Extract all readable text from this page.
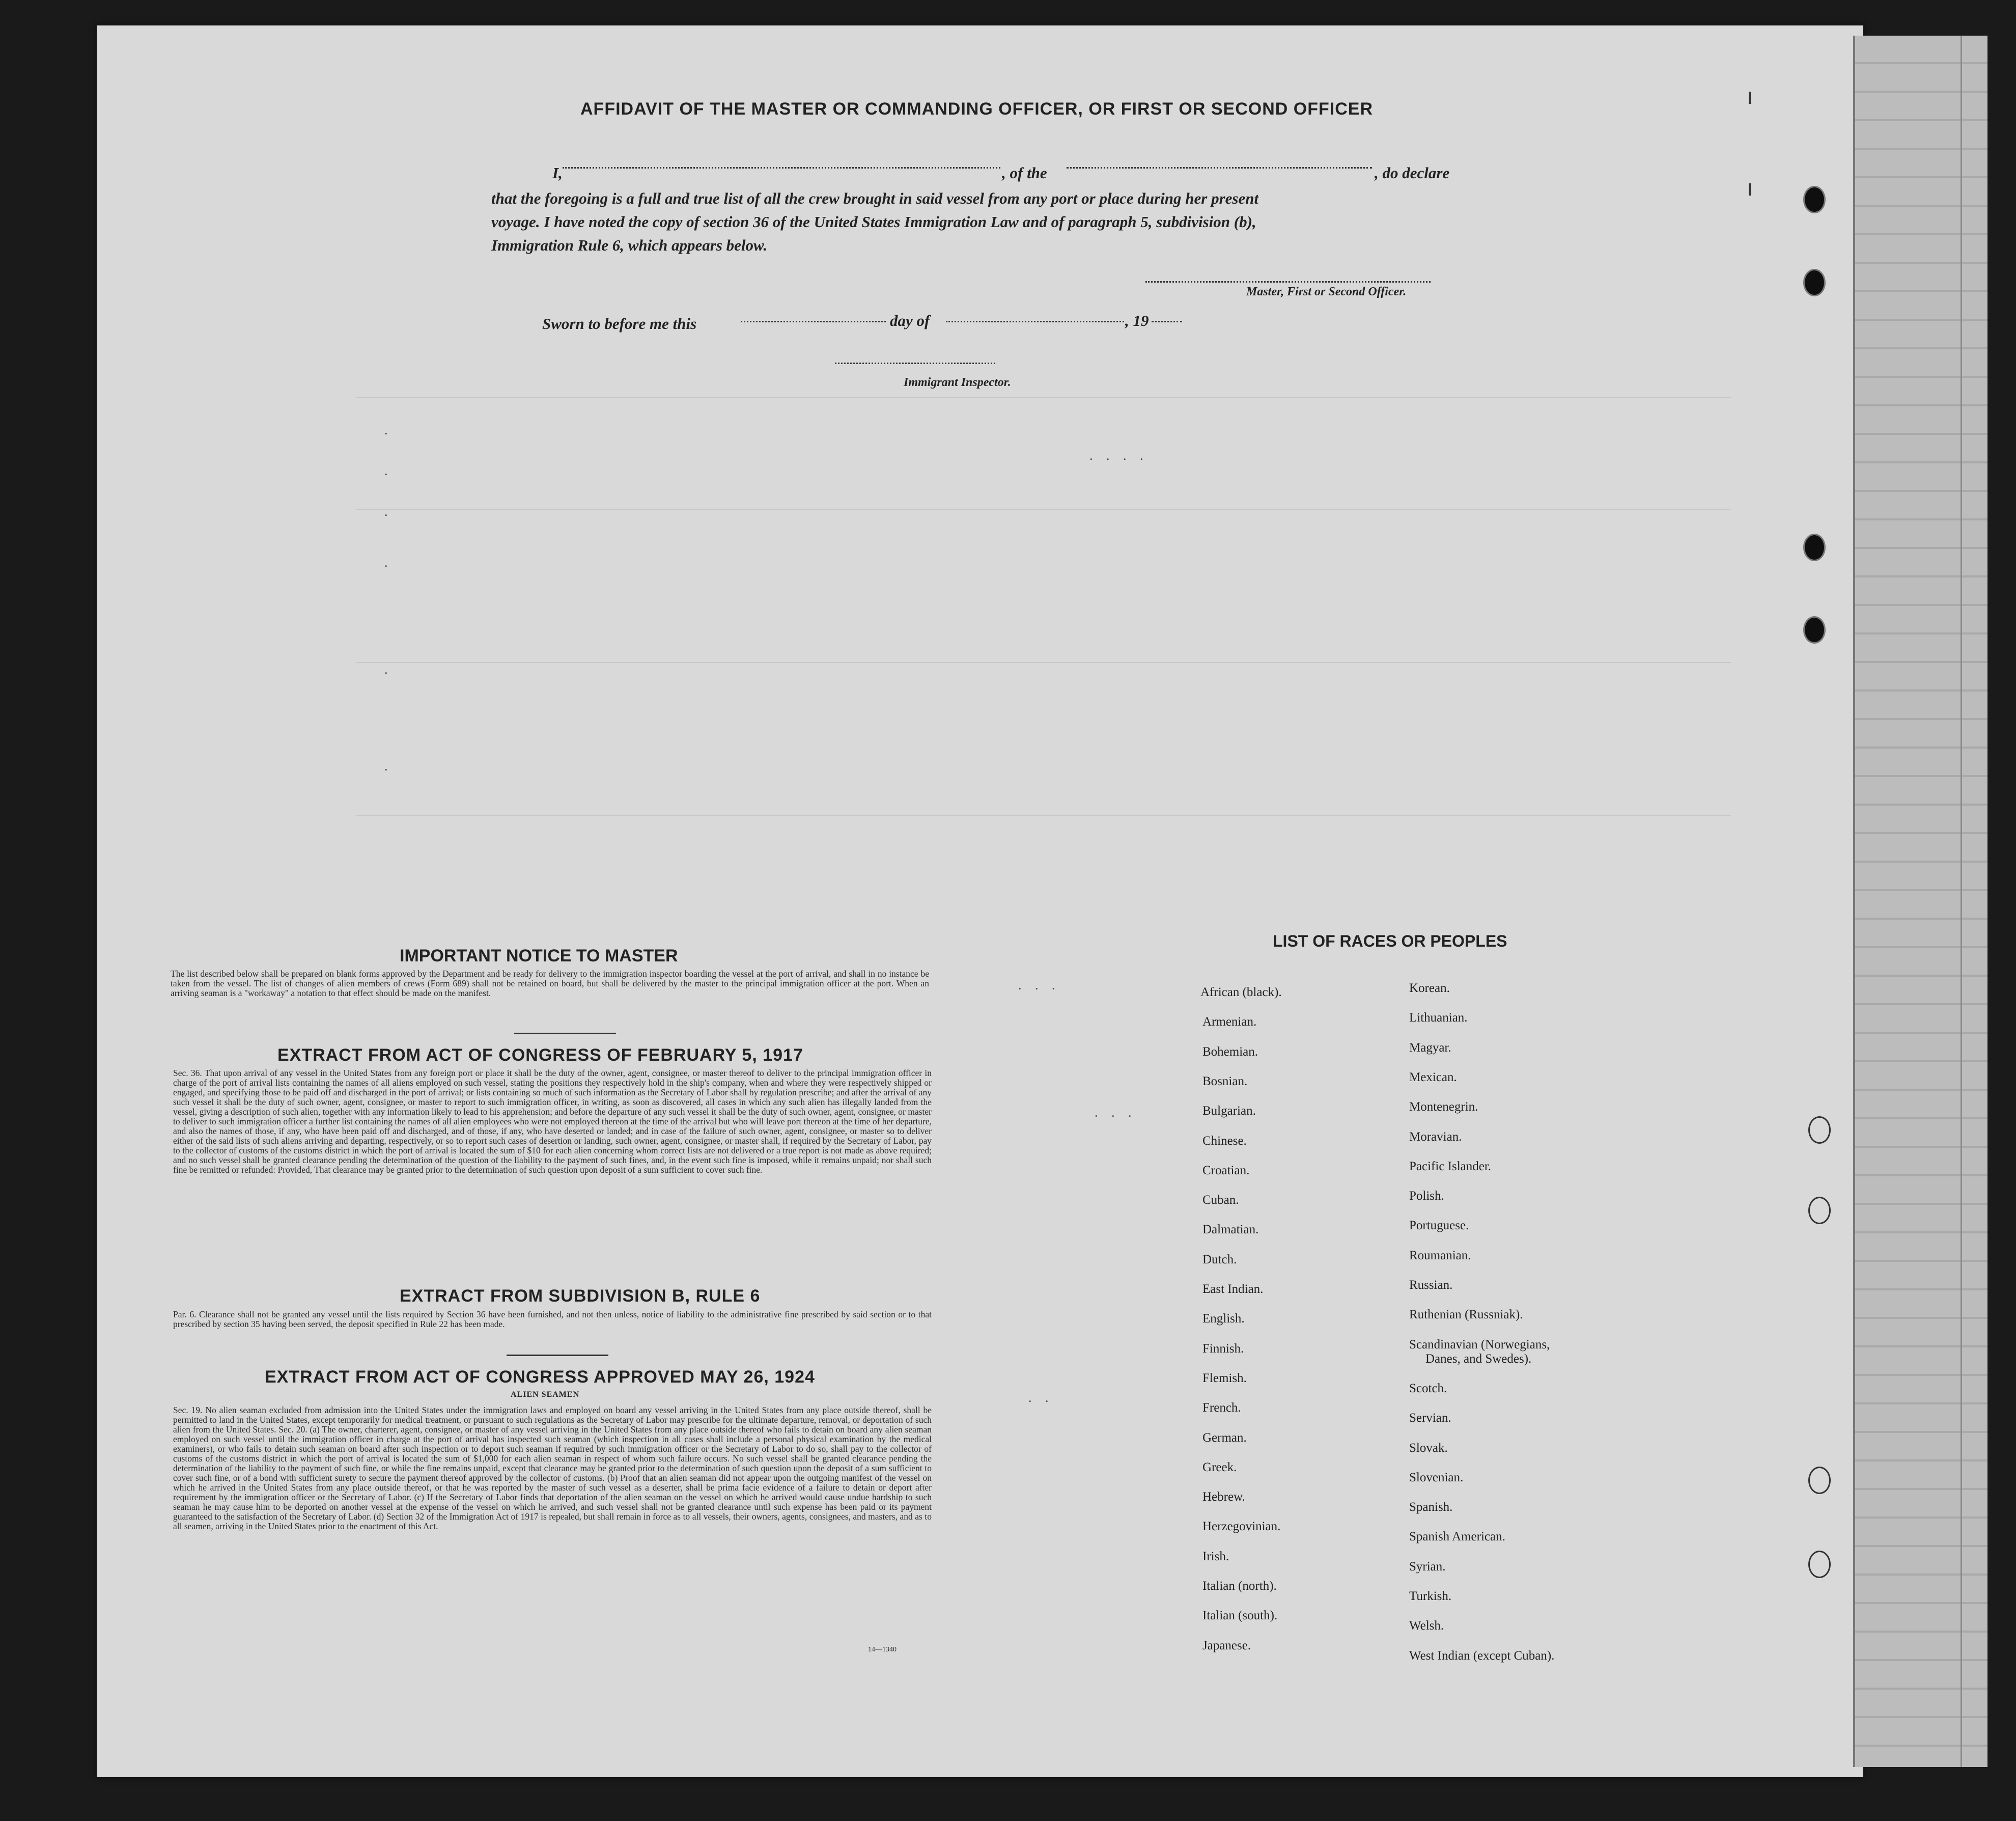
AFFIDAVIT OF THE MASTER OR COMMANDING OFFICER, OR FIRST OR SECOND OFFICER
I,	, of the	, do declare
that the foregoing is a full and true list of all the crew brought in said vessel from any port or place during her present
voyage. I have noted the copy of section 36 of the United States Immigration Law and of paragraph 5, subdivision (b),
Immigration Rule 6, which appears below.
Master, First or Second Officer.
Sworn to before me this	day of	, 19
Immigrant Inspector.
.
.
.
. . . .
.
.
.
. . .
. . .
. .
IMPORTANT NOTICE TO MASTER
The list described below shall be prepared on blank forms approved by the Department and be ready for delivery to the immigration inspector boarding the vessel at the port of arrival, and shall in no instance be taken from the vessel. The list of changes of alien members of crews (Form 689) shall not be retained on board, but shall be delivered by the master to the principal immigration officer at the port. When an arriving seaman is a "workaway" a notation to that effect should be made on the manifest.
EXTRACT FROM ACT OF CONGRESS OF FEBRUARY 5, 1917
Sec. 36. That upon arrival of any vessel in the United States from any foreign port or place it shall be the duty of the owner, agent, consignee, or master thereof to deliver to the principal immigration officer in charge of the port of arrival lists containing the names of all aliens employed on such vessel, stating the positions they respectively hold in the ship's company, when and where they were respectively shipped or engaged, and specifying those to be paid off and discharged in the port of arrival; or lists containing so much of such information as the Secretary of Labor shall by regulation prescribe; and after the arrival of any such vessel it shall be the duty of such owner, agent, consignee, or master to report to such immigration officer, in writing, as soon as discovered, all cases in which any such alien has illegally landed from the vessel, giving a description of such alien, together with any information likely to lead to his apprehension; and before the departure of any such vessel it shall be the duty of such owner, agent, consignee, or master to deliver to such immigration officer a further list containing the names of all alien employees who were not employed thereon at the time of the arrival but who will leave port thereon at the time of her departure, and also the names of those, if any, who have been paid off and discharged, and of those, if any, who have deserted or landed; and in case of the failure of such owner, agent, consignee, or master so to deliver either of the said lists of such aliens arriving and departing, respectively, or so to report such cases of desertion or landing, such owner, agent, consignee, or master shall, if required by the Secretary of Labor, pay to the collector of customs of the customs district in which the port of arrival is located the sum of $10 for each alien concerning whom correct lists are not delivered or a true report is not made as above required; and no such vessel shall be granted clearance pending the determination of the question of the liability to the payment of such fines, and, in the event such fine is imposed, while it remains unpaid; nor shall such fine be remitted or refunded: Provided, That clearance may be granted prior to the determination of such question upon deposit of a sum sufficient to cover such fine.
EXTRACT FROM SUBDIVISION B, RULE 6
Par. 6. Clearance shall not be granted any vessel until the lists required by Section 36 have been furnished, and not then unless, notice of liability to the administrative fine prescribed by said section or to that prescribed by section 35 having been served, the deposit specified in Rule 22 has been made.
EXTRACT FROM ACT OF CONGRESS APPROVED MAY 26, 1924
ALIEN SEAMEN
Sec. 19. No alien seaman excluded from admission into the United States under the immigration laws and employed on board any vessel arriving in the United States from any place outside thereof, shall be permitted to land in the United States, except temporarily for medical treatment, or pursuant to such regulations as the Secretary of Labor may prescribe for the ultimate departure, removal, or deportation of such alien from the United States. Sec. 20. (a) The owner, charterer, agent, consignee, or master of any vessel arriving in the United States from any place outside thereof who fails to detain on board any alien seaman employed on such vessel until the immigration officer in charge at the port of arrival has inspected such seaman (which inspection in all cases shall include a personal physical examination by the medical examiners), or who fails to detain such seaman on board after such inspection or to deport such seaman if required by such immigration officer or the Secretary of Labor to do so, shall pay to the collector of customs of the customs district in which the port of arrival is located the sum of $1,000 for each alien seaman in respect of whom such failure occurs. No such vessel shall be granted clearance pending the determination of the liability to the payment of such fine, or while the fine remains unpaid, except that clearance may be granted prior to the determination of such question upon the deposit of a sum sufficient to cover such fine, or of a bond with sufficient surety to secure the payment thereof approved by the collector of customs. (b) Proof that an alien seaman did not appear upon the outgoing manifest of the vessel on which he arrived in the United States from any place outside thereof, or that he was reported by the master of such vessel as a deserter, shall be prima facie evidence of a failure to detain or deport after requirement by the immigration officer or the Secretary of Labor. (c) If the Secretary of Labor finds that deportation of the alien seaman on the vessel on which he arrived would cause undue hardship to such seaman he may cause him to be deported on another vessel at the expense of the vessel on which he arrived, and such vessel shall not be granted clearance until such expense has been paid or its payment guaranteed to the satisfaction of the Secretary of Labor. (d) Section 32 of the Immigration Act of 1917 is repealed, but shall remain in force as to all vessels, their owners, agents, consignees, and masters, and as to all seamen, arriving in the United States prior to the enactment of this Act.
14—1340
LIST OF RACES OR PEOPLES
African (black).
Armenian.
Bohemian.
Bosnian.
Bulgarian.
Chinese.
Croatian.
Cuban.
Dalmatian.
Dutch.
East Indian.
English.
Finnish.
Flemish.
French.
German.
Greek.
Hebrew.
Herzegovinian.
Irish.
Italian (north).
Italian (south).
Japanese.
Korean.
Lithuanian.
Magyar.
Mexican.
Montenegrin.
Moravian.
Pacific Islander.
Polish.
Portuguese.
Roumanian.
Russian.
Ruthenian (Russniak).
Scandinavian (Norwegians,
Danes, and Swedes).
Scotch.
Servian.
Slovak.
Slovenian.
Spanish.
Spanish American.
Syrian.
Turkish.
Welsh.
West Indian (except Cuban).
